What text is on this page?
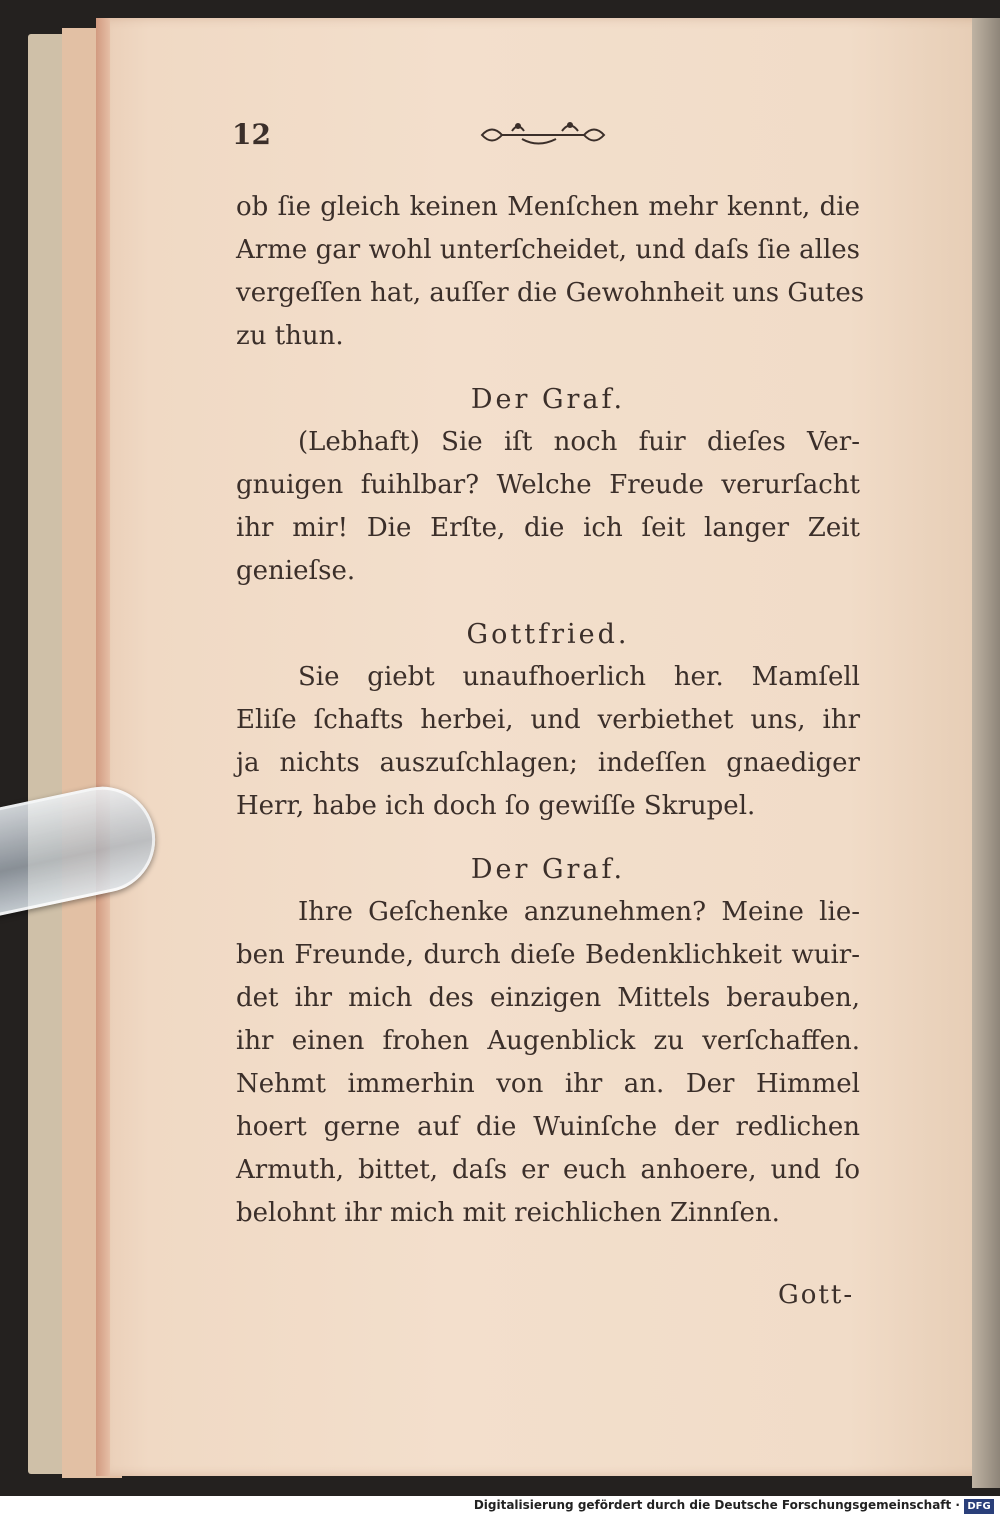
12
ob ſie gleich keinen Menſchen mehr kennt, die
Arme gar wohl unterſcheidet, und daſs ſie alles
vergeſſen hat, auſſer die Gewohnheit uns Gutes
zu thun.
Der Graf.
(Lebhaft) Sie iſt noch fuir dieſes Ver-
gnuigen fuihlbar? Welche Freude verurſacht
ihr mir! Die Erſte, die ich ſeit langer Zeit
genieſse.
Gottfried.
Sie giebt unaufhoerlich her. Mamſell
Eliſe ſchafts herbei, und verbiethet uns, ihr
ja nichts auszuſchlagen; indeſſen gnaediger
Herr, habe ich doch ſo gewiſſe Skrupel.
Der Graf.
Ihre Geſchenke anzunehmen? Meine lie-
ben Freunde, durch dieſe Bedenklichkeit wuir-
det ihr mich des einzigen Mittels berauben,
ihr einen frohen Augenblick zu verſchaffen.
Nehmt immerhin von ihr an. Der Himmel
hoert gerne auf die Wuinſche der redlichen
Armuth, bittet, daſs er euch anhoere, und ſo
belohnt ihr mich mit reichlichen Zinnſen.
Gott-
Digitalisierung gefördert durch die Deutsche Forschungsgemeinschaft · DFG
